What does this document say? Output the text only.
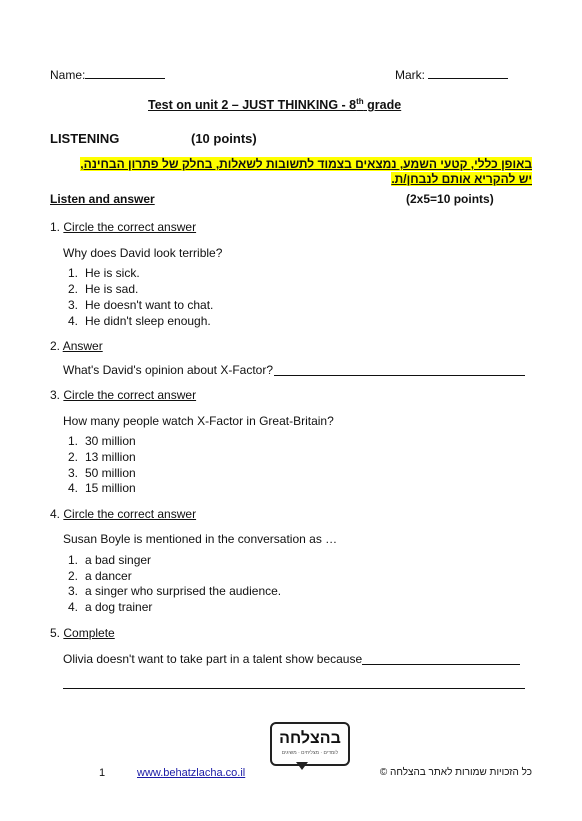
Name:	Mark:
Test on unit 2 – JUST THINKING - 8th grade
LISTENING	(10 points)
באופן כללי, קטעי השמע, נמצאים בצמוד לתשובות לשאלות, בחלק של פתרון הבחינה, יש להקריא אותם לנבחן/ת.
Listen and answer	(2x5=10 points)
1. Circle the correct answer
Why does David look terrible?
1. He is sick.
2. He is sad.
3. He doesn't want to chat.
4. He didn't sleep enough.
2. Answer
What's David's opinion about X-Factor?
3. Circle the correct answer
How many people watch X-Factor in Great-Britain?
1. 30 million
2. 13 million
3. 50 million
4. 15 million
4. Circle the correct answer
Susan Boyle is mentioned in the conversation as …
1. a bad singer
2. a dancer
3. a singer who surprised the audience.
4. a dog trainer
5. Complete
Olivia doesn't want to take part in a talent show because
בהצלחה
לומדים · מצליחים · משיגים
1	www.behatzlacha.co.il	כל הזכויות שמורות לאתר בהצלחה ©
